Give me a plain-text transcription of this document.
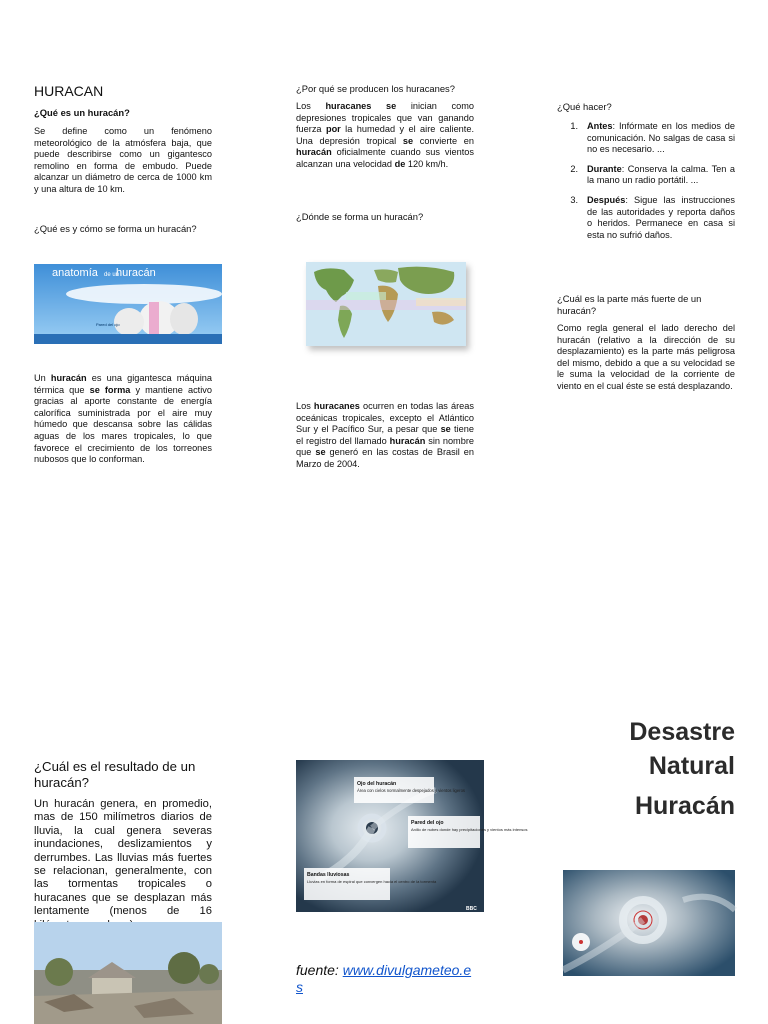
HURACAN
¿Qué es un huracán?
Se define como un fenómeno meteorológico de la atmósfera baja, que puede describirse como un gigantesco remolino en forma de embudo. Puede alcanzar un diámetro de cerca de 1000 km y una altura de 10 km.
¿Qué es y cómo se forma un huracán?
anatomía de un
huracán
Pared del ojo
Un huracán es una gigantesca máquina térmica que se forma y mantiene activo gracias al aporte constante de energía calorífica suministrada por el aire muy húmedo que descansa sobre las cálidas aguas de los mares tropicales, lo que favorece el crecimiento de los torreones nubosos que lo conforman.
¿Por qué se producen los huracanes?
Los huracanes se inician como depresiones tropicales que van ganando fuerza por la humedad y el aire caliente. Una depresión tropical se convierte en huracán oficialmente cuando sus vientos alcanzan una velocidad de 120 km/h.
¿Dónde se forma un huracán?
Los huracanes ocurren en todas las áreas oceánicas tropicales, excepto el Atlántico Sur y el Pacífico Sur, a pesar que se tiene el registro del llamado huracán sin nombre que se generó en las costas de Brasil en Marzo de 2004.
¿Qué hacer?
1. Antes: Infórmate en los medios de comunicación. No salgas de casa si no es necesario. ...
2. Durante: Conserva la calma. Ten a la mano un radio portátil. ...
3. Después: Sigue las instrucciones de las autoridades y reporta daños o heridos. Permanece en casa si esta no sufrió daños.
¿Cuál es la parte más fuerte de un huracán?
Como regla general el lado derecho del huracán (relativo a la dirección de su desplazamiento) es la parte más peligrosa del mismo, debido a que a su velocidad se le suma la velocidad de la corriente de viento en el cual éste se está desplazando.
¿Cuál es el resultado de un huracán?
Un huracán genera, en promedio, mas de 150 milímetros diarios de lluvia, la cual genera severas inundaciones, deslizamientos y derrumbes. Las lluvias más fuertes se relacionan, generalmente, con las tormentas tropicales o huracanes que se desplazan más lentamente (menos de 16
Ojo del huracán
Área con cielos normalmente despejados y vientos ligeros
Pared del ojo
Anillo de nubes donde hay precipitaciones y vientos más intensos
Bandas lluviosas
Lluvias en forma de espiral que convergen hacia el centro de la tormenta
BBC
fuente: www.divulgameteo.e
s
Desastre
Natural
Huracán
